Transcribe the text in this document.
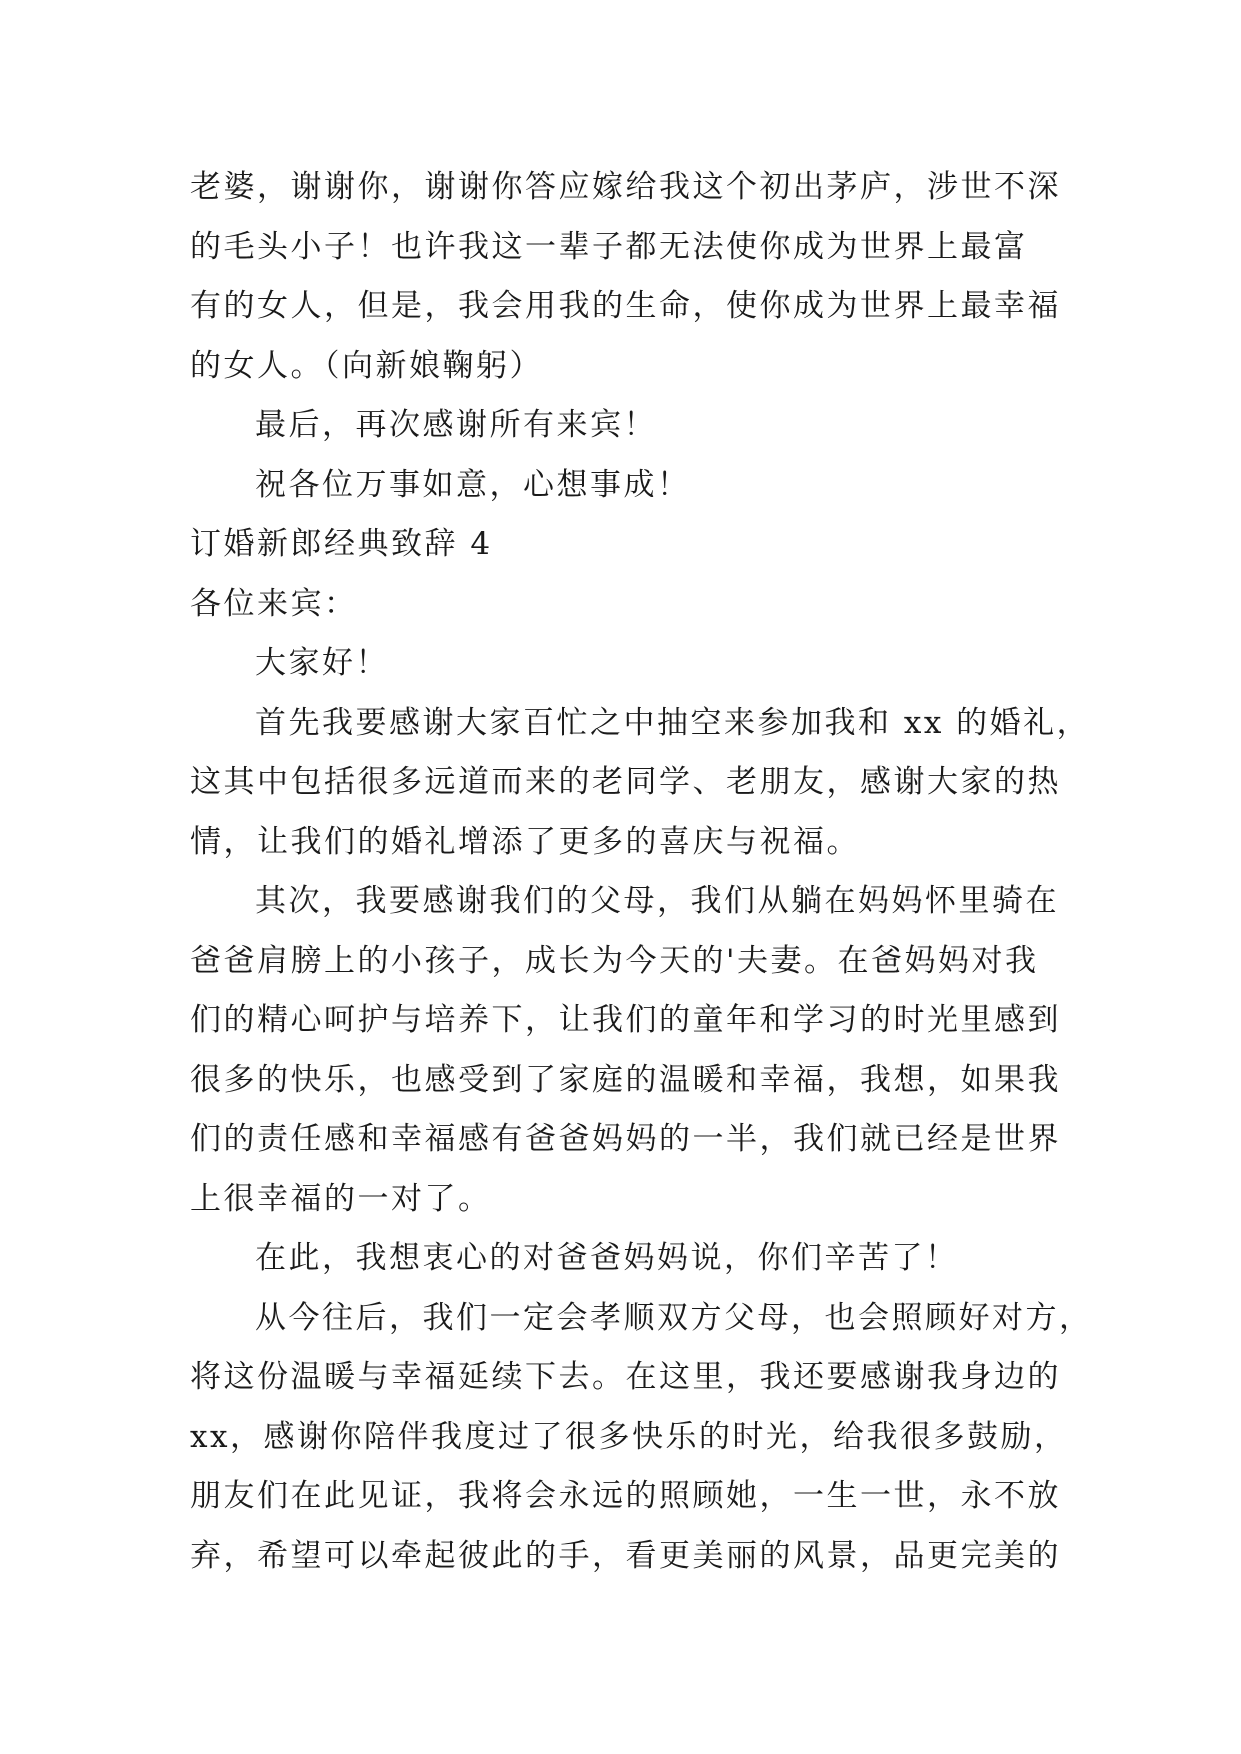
老婆，谢谢你，谢谢你答应嫁给我这个初出茅庐，涉世不深
的毛头小子！也许我这一辈子都无法使你成为世界上最富
有的女人，但是，我会用我的生命，使你成为世界上最幸福
的女人。（向新娘鞠躬）
最后，再次感谢所有来宾！
祝各位万事如意，心想事成！
订婚新郎经典致辞 4
各位来宾：
大家好！
首先我要感谢大家百忙之中抽空来参加我和 xx 的婚礼，
这其中包括很多远道而来的老同学、老朋友，感谢大家的热
情，让我们的婚礼增添了更多的喜庆与祝福。
其次，我要感谢我们的父母，我们从躺在妈妈怀里骑在
爸爸肩膀上的小孩子，成长为今天的'夫妻。在爸妈妈对我
们的精心呵护与培养下，让我们的童年和学习的时光里感到
很多的快乐，也感受到了家庭的温暖和幸福，我想，如果我
们的责任感和幸福感有爸爸妈妈的一半，我们就已经是世界
上很幸福的一对了。
在此，我想衷心的对爸爸妈妈说，你们辛苦了！
从今往后，我们一定会孝顺双方父母，也会照顾好对方，
将这份温暖与幸福延续下去。在这里，我还要感谢我身边的
xx，感谢你陪伴我度过了很多快乐的时光，给我很多鼓励，
朋友们在此见证，我将会永远的照顾她，一生一世，永不放
弃，希望可以牵起彼此的手，看更美丽的风景，品更完美的
